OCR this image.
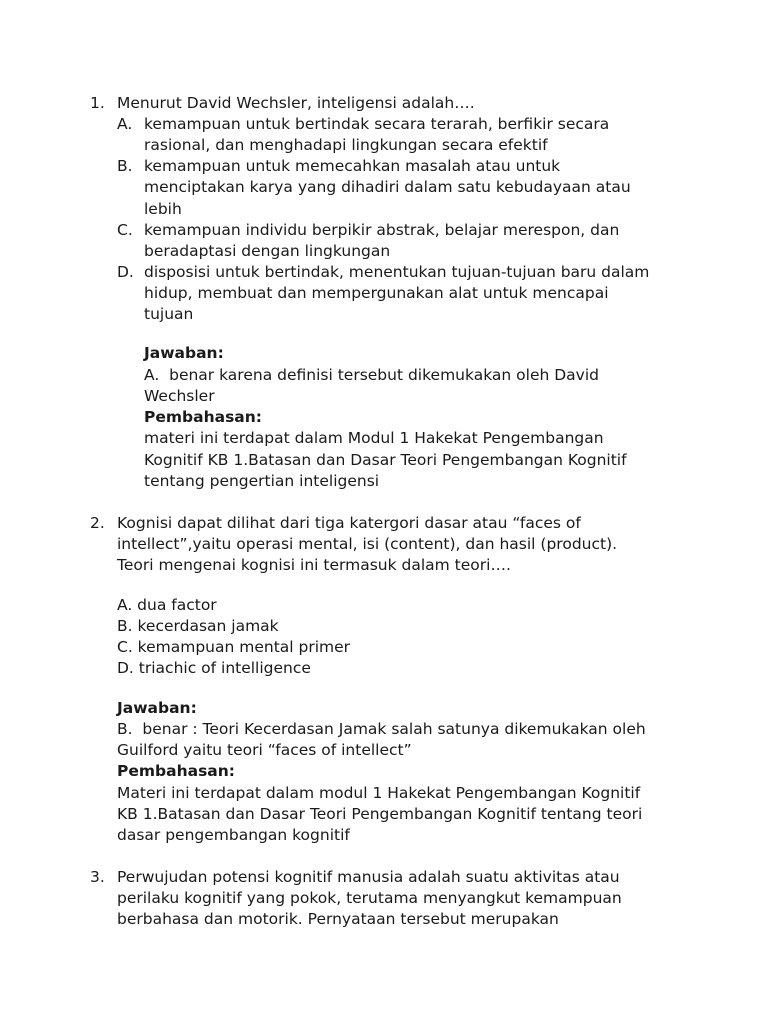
1. Menurut David Wechsler, inteligensi adalah….
A. kemampuan untuk bertindak secara terarah, berfikir secara
rasional, dan menghadapi lingkungan secara efektif
B. kemampuan untuk memecahkan masalah atau untuk
menciptakan karya yang dihadiri dalam satu kebudayaan atau
lebih
C. kemampuan individu berpikir abstrak, belajar merespon, dan
beradaptasi dengan lingkungan
D. disposisi untuk bertindak, menentukan tujuan-tujuan baru dalam
hidup, membuat dan mempergunakan alat untuk mencapai
tujuan
Jawaban:
A.  benar karena definisi tersebut dikemukakan oleh David
Wechsler
Pembahasan:
materi ini terdapat dalam Modul 1 Hakekat Pengembangan
Kognitif KB 1.Batasan dan Dasar Teori Pengembangan Kognitif
tentang pengertian inteligensi
2. Kognisi dapat dilihat dari tiga katergori dasar atau “faces of
intellect”,yaitu operasi mental, isi (content), dan hasil (product).
Teori mengenai kognisi ini termasuk dalam teori….
A. dua factor
B. kecerdasan jamak
C. kemampuan mental primer
D. triachic of intelligence
Jawaban:
B.  benar : Teori Kecerdasan Jamak salah satunya dikemukakan oleh
Guilford yaitu teori “faces of intellect”
Pembahasan:
Materi ini terdapat dalam modul 1 Hakekat Pengembangan Kognitif
KB 1.Batasan dan Dasar Teori Pengembangan Kognitif tentang teori
dasar pengembangan kognitif
3. Perwujudan potensi kognitif manusia adalah suatu aktivitas atau
perilaku kognitif yang pokok, terutama menyangkut kemampuan
berbahasa dan motorik. Pernyataan tersebut merupakan
